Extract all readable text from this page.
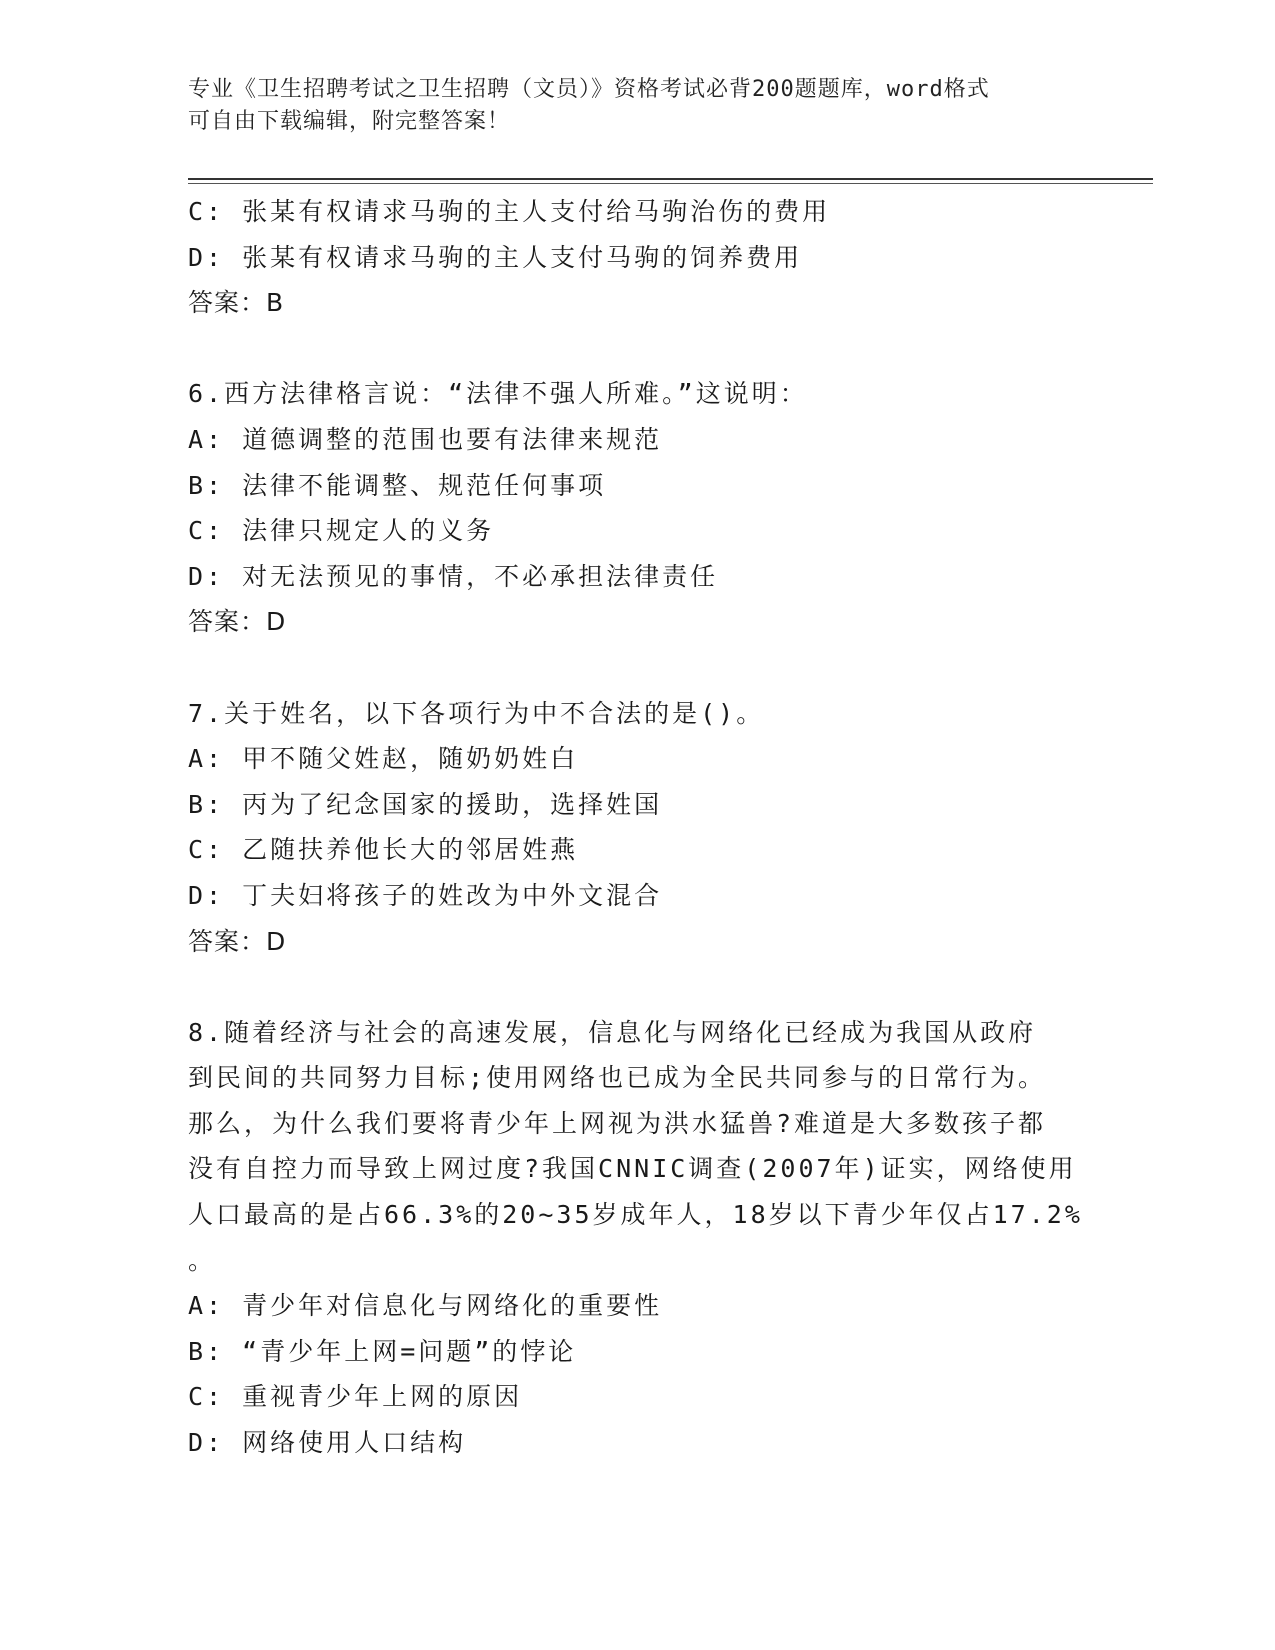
专业《卫生招聘考试之卫生招聘（文员）》资格考试必背200题题库，word格式
可自由下载编辑，附完整答案！
C: 张某有权请求马驹的主人支付给马驹治伤的费用
D: 张某有权请求马驹的主人支付马驹的饲养费用
答案：B
6.西方法律格言说：“法律不强人所难。”这说明：
A: 道德调整的范围也要有法律来规范
B: 法律不能调整、规范任何事项
C: 法律只规定人的义务
D: 对无法预见的事情，不必承担法律责任
答案：D
7.关于姓名，以下各项行为中不合法的是()。
A: 甲不随父姓赵，随奶奶姓白
B: 丙为了纪念国家的援助，选择姓国
C: 乙随扶养他长大的邻居姓燕
D: 丁夫妇将孩子的姓改为中外文混合
答案：D
8.随着经济与社会的高速发展，信息化与网络化已经成为我国从政府
到民间的共同努力目标;使用网络也已成为全民共同参与的日常行为。
那么，为什么我们要将青少年上网视为洪水猛兽?难道是大多数孩子都
没有自控力而导致上网过度?我国CNNIC调查(2007年)证实，网络使用
人口最高的是占66.3%的20~35岁成年人，18岁以下青少年仅占17.2%
。
A: 青少年对信息化与网络化的重要性
B: “青少年上网=问题”的悖论
C: 重视青少年上网的原因
D: 网络使用人口结构
